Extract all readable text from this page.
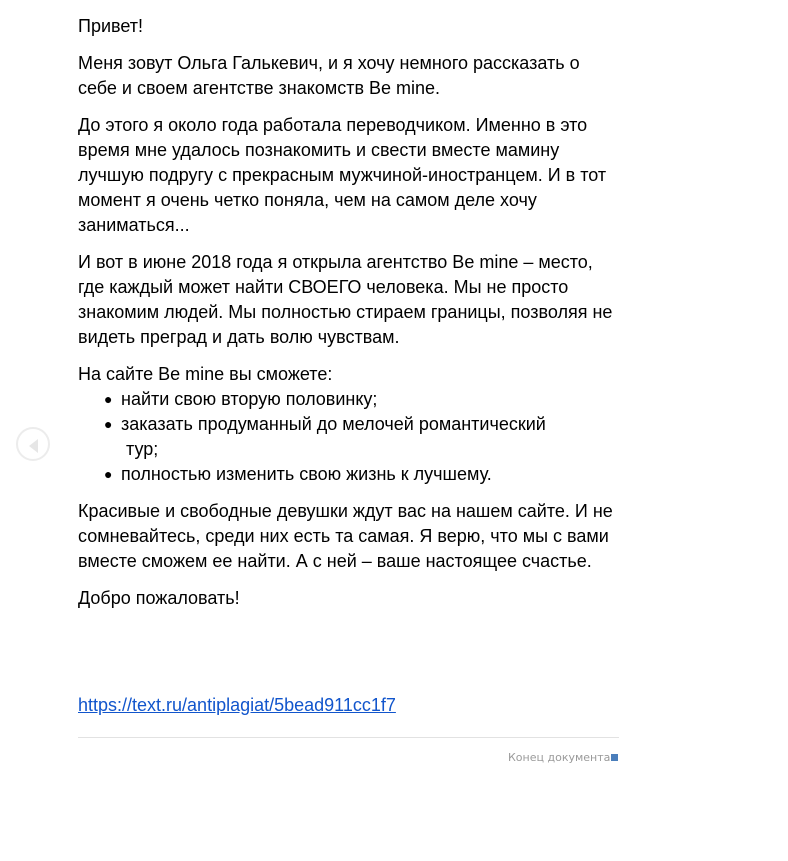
Привет!

Меня зовут Ольга Галькевич, и я хочу немного рассказать о себе и своем агентстве знакомств Be mine.

До этого я около года работала переводчиком. Именно в это время мне удалось познакомить и свести вместе мамину лучшую подругу с прекрасным мужчиной-иностранцем. И в тот момент я очень четко поняла, чем на самом деле хочу заниматься...

И вот в июне 2018 года я открыла агентство Be mine – место, где каждый может найти СВОЕГО человека. Мы не просто знакомим людей. Мы полностью стираем границы, позволяя не видеть преград и дать волю чувствам.

На сайте Be mine вы сможете:

● найти свою вторую половинку;
● заказать продуманный до мелочей романтический
тур;
● полностью изменить свою жизнь к лучшему.

Красивые и свободные девушки ждут вас на нашем сайте. И не сомневайтесь, среди них есть та самая. Я верю, что мы с вами вместе сможем ее найти. А с ней – ваше настоящее счастье.

Добро пожаловать!

https://text.ru/antiplagiat/5bead911cc1f7
Конец документа
